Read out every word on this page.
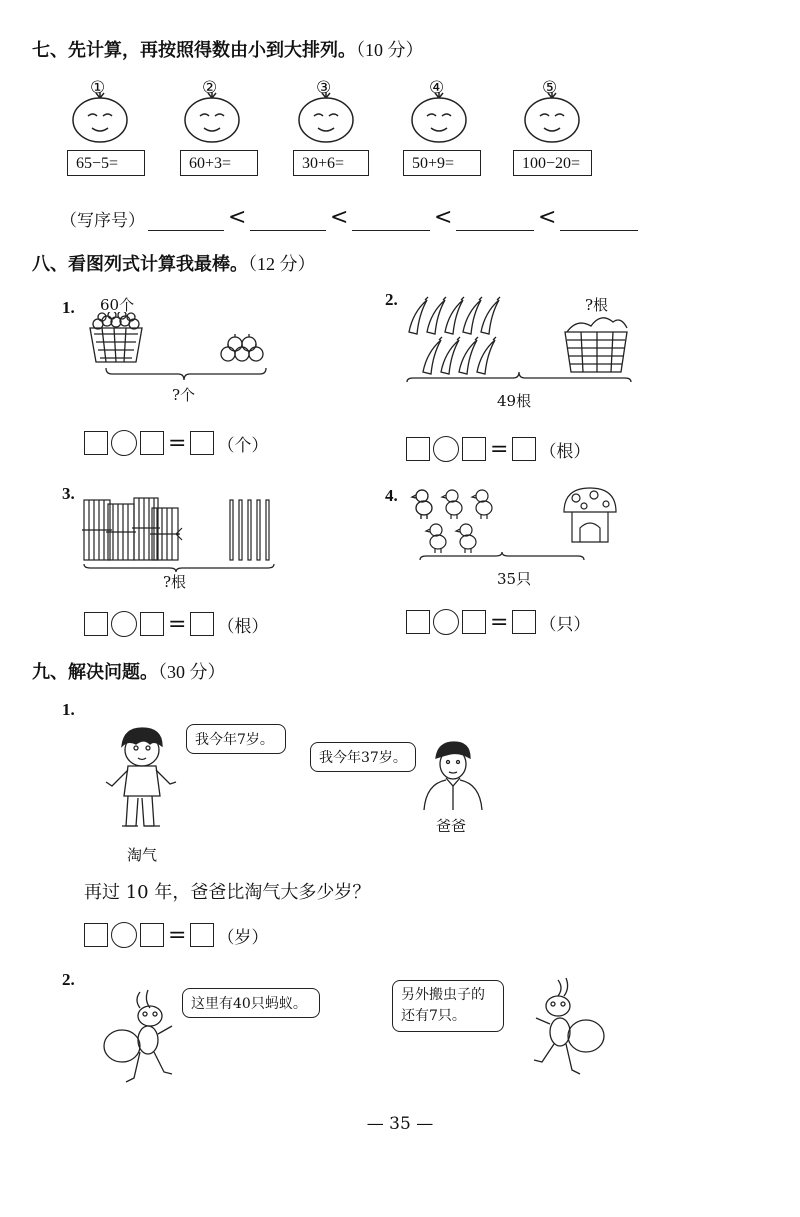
七、先计算，再按照得数由小到大排列。（10 分）
①	②	③	④	⑤
65−5=	60+3=	30+6=	50+9=	100−20=
（写序号）	<	<	<	<
八、看图列式计算我最棒。（12 分）
1. 60个
?个
= （个）
2.	?根
49根
= （根）
3.
?根
= （根）
4.
35只
= （只）
九、解决问题。（30 分）
1.
淘气
我今年7岁。
我今年37岁。
爸爸
再过 10 年，爸爸比淘气大多少岁？
= （岁）
2.
这里有40只蚂蚁。
另外搬虫子的
还有7只。
— 35 —
